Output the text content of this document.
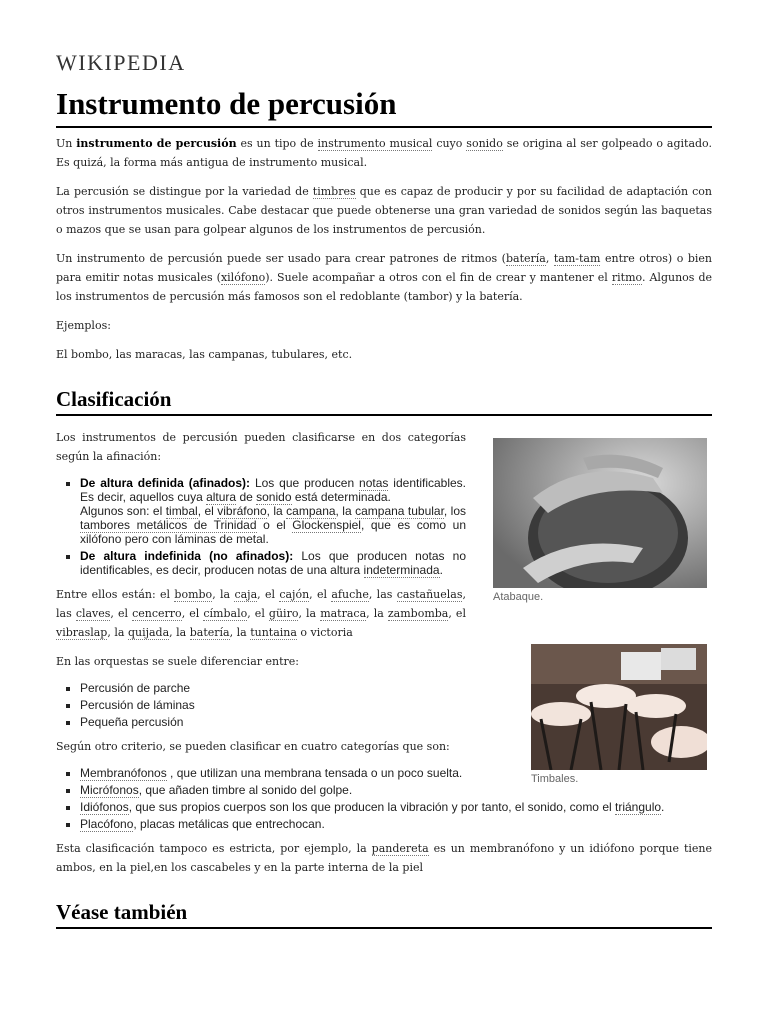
WIKIPEDIA
Instrumento de percusión

Un instrumento de percusión es un tipo de instrumento musical cuyo sonido se origina al ser golpeado o agitado. Es quizá, la forma más antigua de instrumento musical.

La percusión se distingue por la variedad de timbres que es capaz de producir y por su facilidad de adaptación con otros instrumentos musicales. Cabe destacar que puede obtenerse una gran variedad de sonidos según las baquetas o mazos que se usan para golpear algunos de los instrumentos de percusión.

Un instrumento de percusión puede ser usado para crear patrones de ritmos (batería, tam-tam entre otros) o bien para emitir notas musicales (xilófono). Suele acompañar a otros con el fin de crear y mantener el ritmo. Algunos de los instrumentos de percusión más famosos son el redoblante (tambor) y la batería.

Ejemplos:

El bombo, las maracas, las campanas, tubulares, etc.

Clasificación

Los instrumentos de percusión pueden clasificarse en dos categorías según la afinación:

▪ De altura definida (afinados): Los que producen notas identificables. Es decir, aquellos cuya altura de sonido está determinada.
Algunos son: el timbal, el vibráfono, la campana, la campana tubular, los tambores metálicos de Trinidad o el Glockenspiel, que es como un xilófono pero con láminas de metal.
▪ De altura indefinida (no afinados): Los que producen notas no identificables, es decir, producen notas de una altura indeterminada.

Entre ellos están: el bombo, la caja, el cajón, el afuche, las castañuelas, las claves, el cencerro, el címbalo, el güiro, la matraca, la zambomba, el vibraslap, la quijada, la batería, la tuntaina o victoria

En las orquestas se suele diferenciar entre:

▪ Percusión de parche
▪ Percusión de láminas
▪ Pequeña percusión

Según otro criterio, se pueden clasificar en cuatro categorías que son:

▪ Membranófonos , que utilizan una membrana tensada o un poco suelta.
▪ Micrófonos, que añaden timbre al sonido del golpe.
▪ Idiófonos, que sus propios cuerpos son los que producen la vibración y por tanto, el sonido, como el triángulo.
▪ Placófono, placas metálicas que entrechocan.

Esta clasificación tampoco es estricta, por ejemplo, la pandereta es un membranófono y un idiófono porque tiene ambos, en la piel,en los cascabeles y en la parte interna de la piel

Véase también
Atabaque.
Timbales.
